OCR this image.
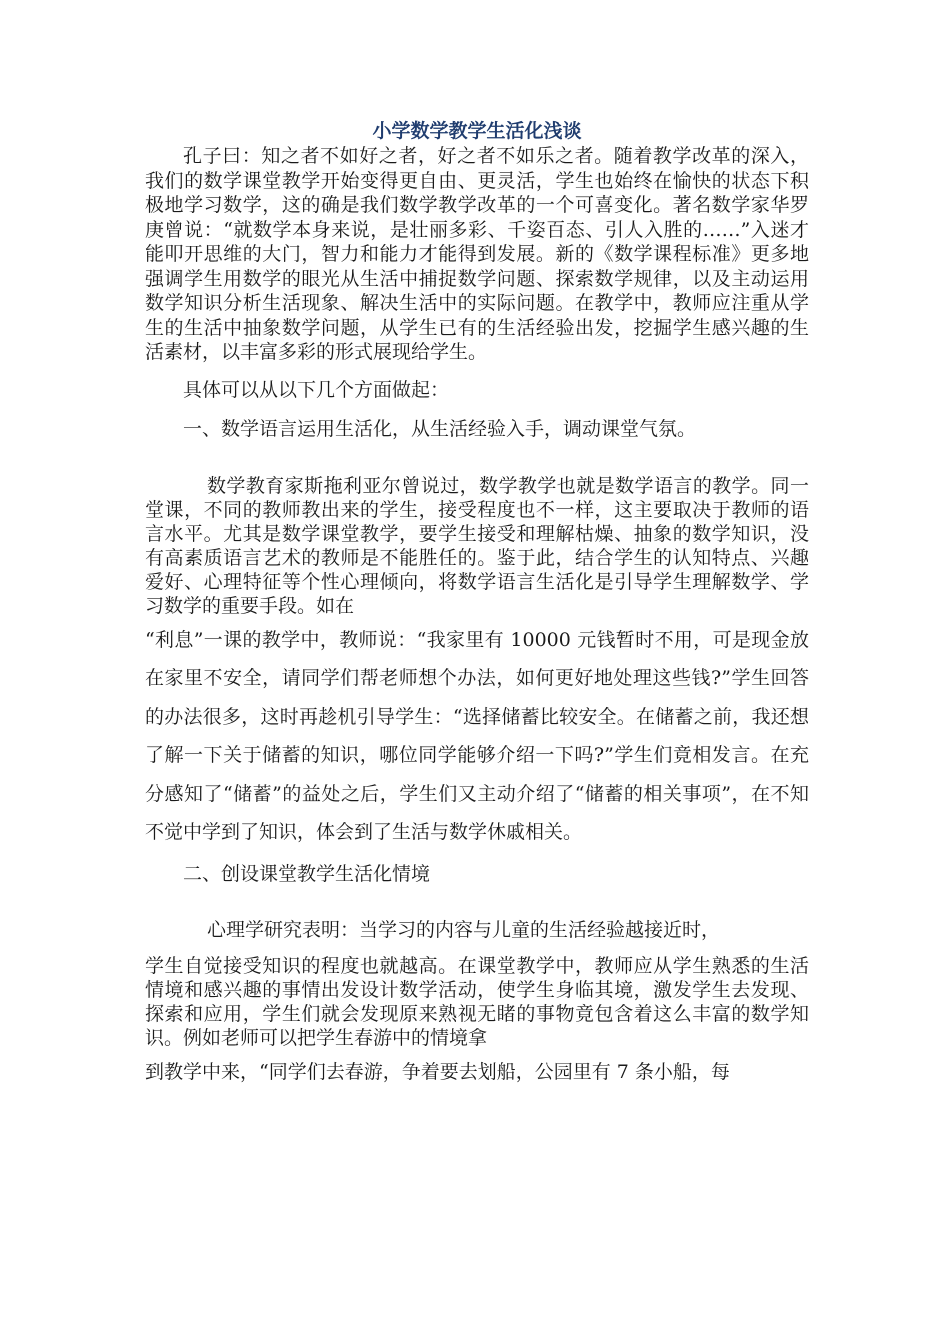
小学数学教学生活化浅谈

孔子曰：知之者不如好之者，好之者不如乐之者。随着教学改革的深入，我们的数学课堂教学开始变得更自由、更灵活，学生也始终在愉快的状态下积极地学习数学，这的确是我们数学教学改革的一个可喜变化。著名数学家华罗庚曾说：“就数学本身来说，是壮丽多彩、千姿百态、引人入胜的……”入迷才能叩开思维的大门，智力和能力才能得到发展。新的《数学课程标准》更多地强调学生用数学的眼光从生活中捕捉数学问题、探索数学规律，以及主动运用数学知识分析生活现象、解决生活中的实际问题。在教学中，教师应注重从学生的生活中抽象数学问题，从学生已有的生活经验出发，挖掘学生感兴趣的生活素材，以丰富多彩的形式展现给学生。

具体可以从以下几个方面做起：

一、数学语言运用生活化，从生活经验入手，调动课堂气氛。

数学教育家斯拖利亚尔曾说过，数学教学也就是数学语言的教学。同一堂课，不同的教师教出来的学生，接受程度也不一样，这主要取决于教师的语言水平。尤其是数学课堂教学，要学生接受和理解枯燥、抽象的数学知识，没有高素质语言艺术的教师是不能胜任的。鉴于此，结合学生的认知特点、兴趣爱好、心理特征等个性心理倾向，将数学语言生活化是引导学生理解数学、学习数学的重要手段。如在

“利息”一课的教学中，教师说：“我家里有 10000 元钱暂时不用，可是现金放在家里不安全，请同学们帮老师想个办法，如何更好地处理这些钱?”学生回答的办法很多，这时再趁机引导学生：“选择储蓄比较安全。在储蓄之前，我还想了解一下关于储蓄的知识，哪位同学能够介绍一下吗?”学生们竟相发言。在充分感知了“储蓄”的益处之后，学生们又主动介绍了“储蓄的相关事项”，在不知不觉中学到了知识，体会到了生活与数学休戚相关。

二、创设课堂教学生活化情境

心理学研究表明：当学习的内容与儿童的生活经验越接近时，

学生自觉接受知识的程度也就越高。在课堂教学中，教师应从学生熟悉的生活情境和感兴趣的事情出发设计数学活动，使学生身临其境，激发学生去发现、探索和应用，学生们就会发现原来熟视无睹的事物竟包含着这么丰富的数学知识。例如老师可以把学生春游中的情境拿

到教学中来，“同学们去春游，争着要去划船，公园里有 7 条小船，每
